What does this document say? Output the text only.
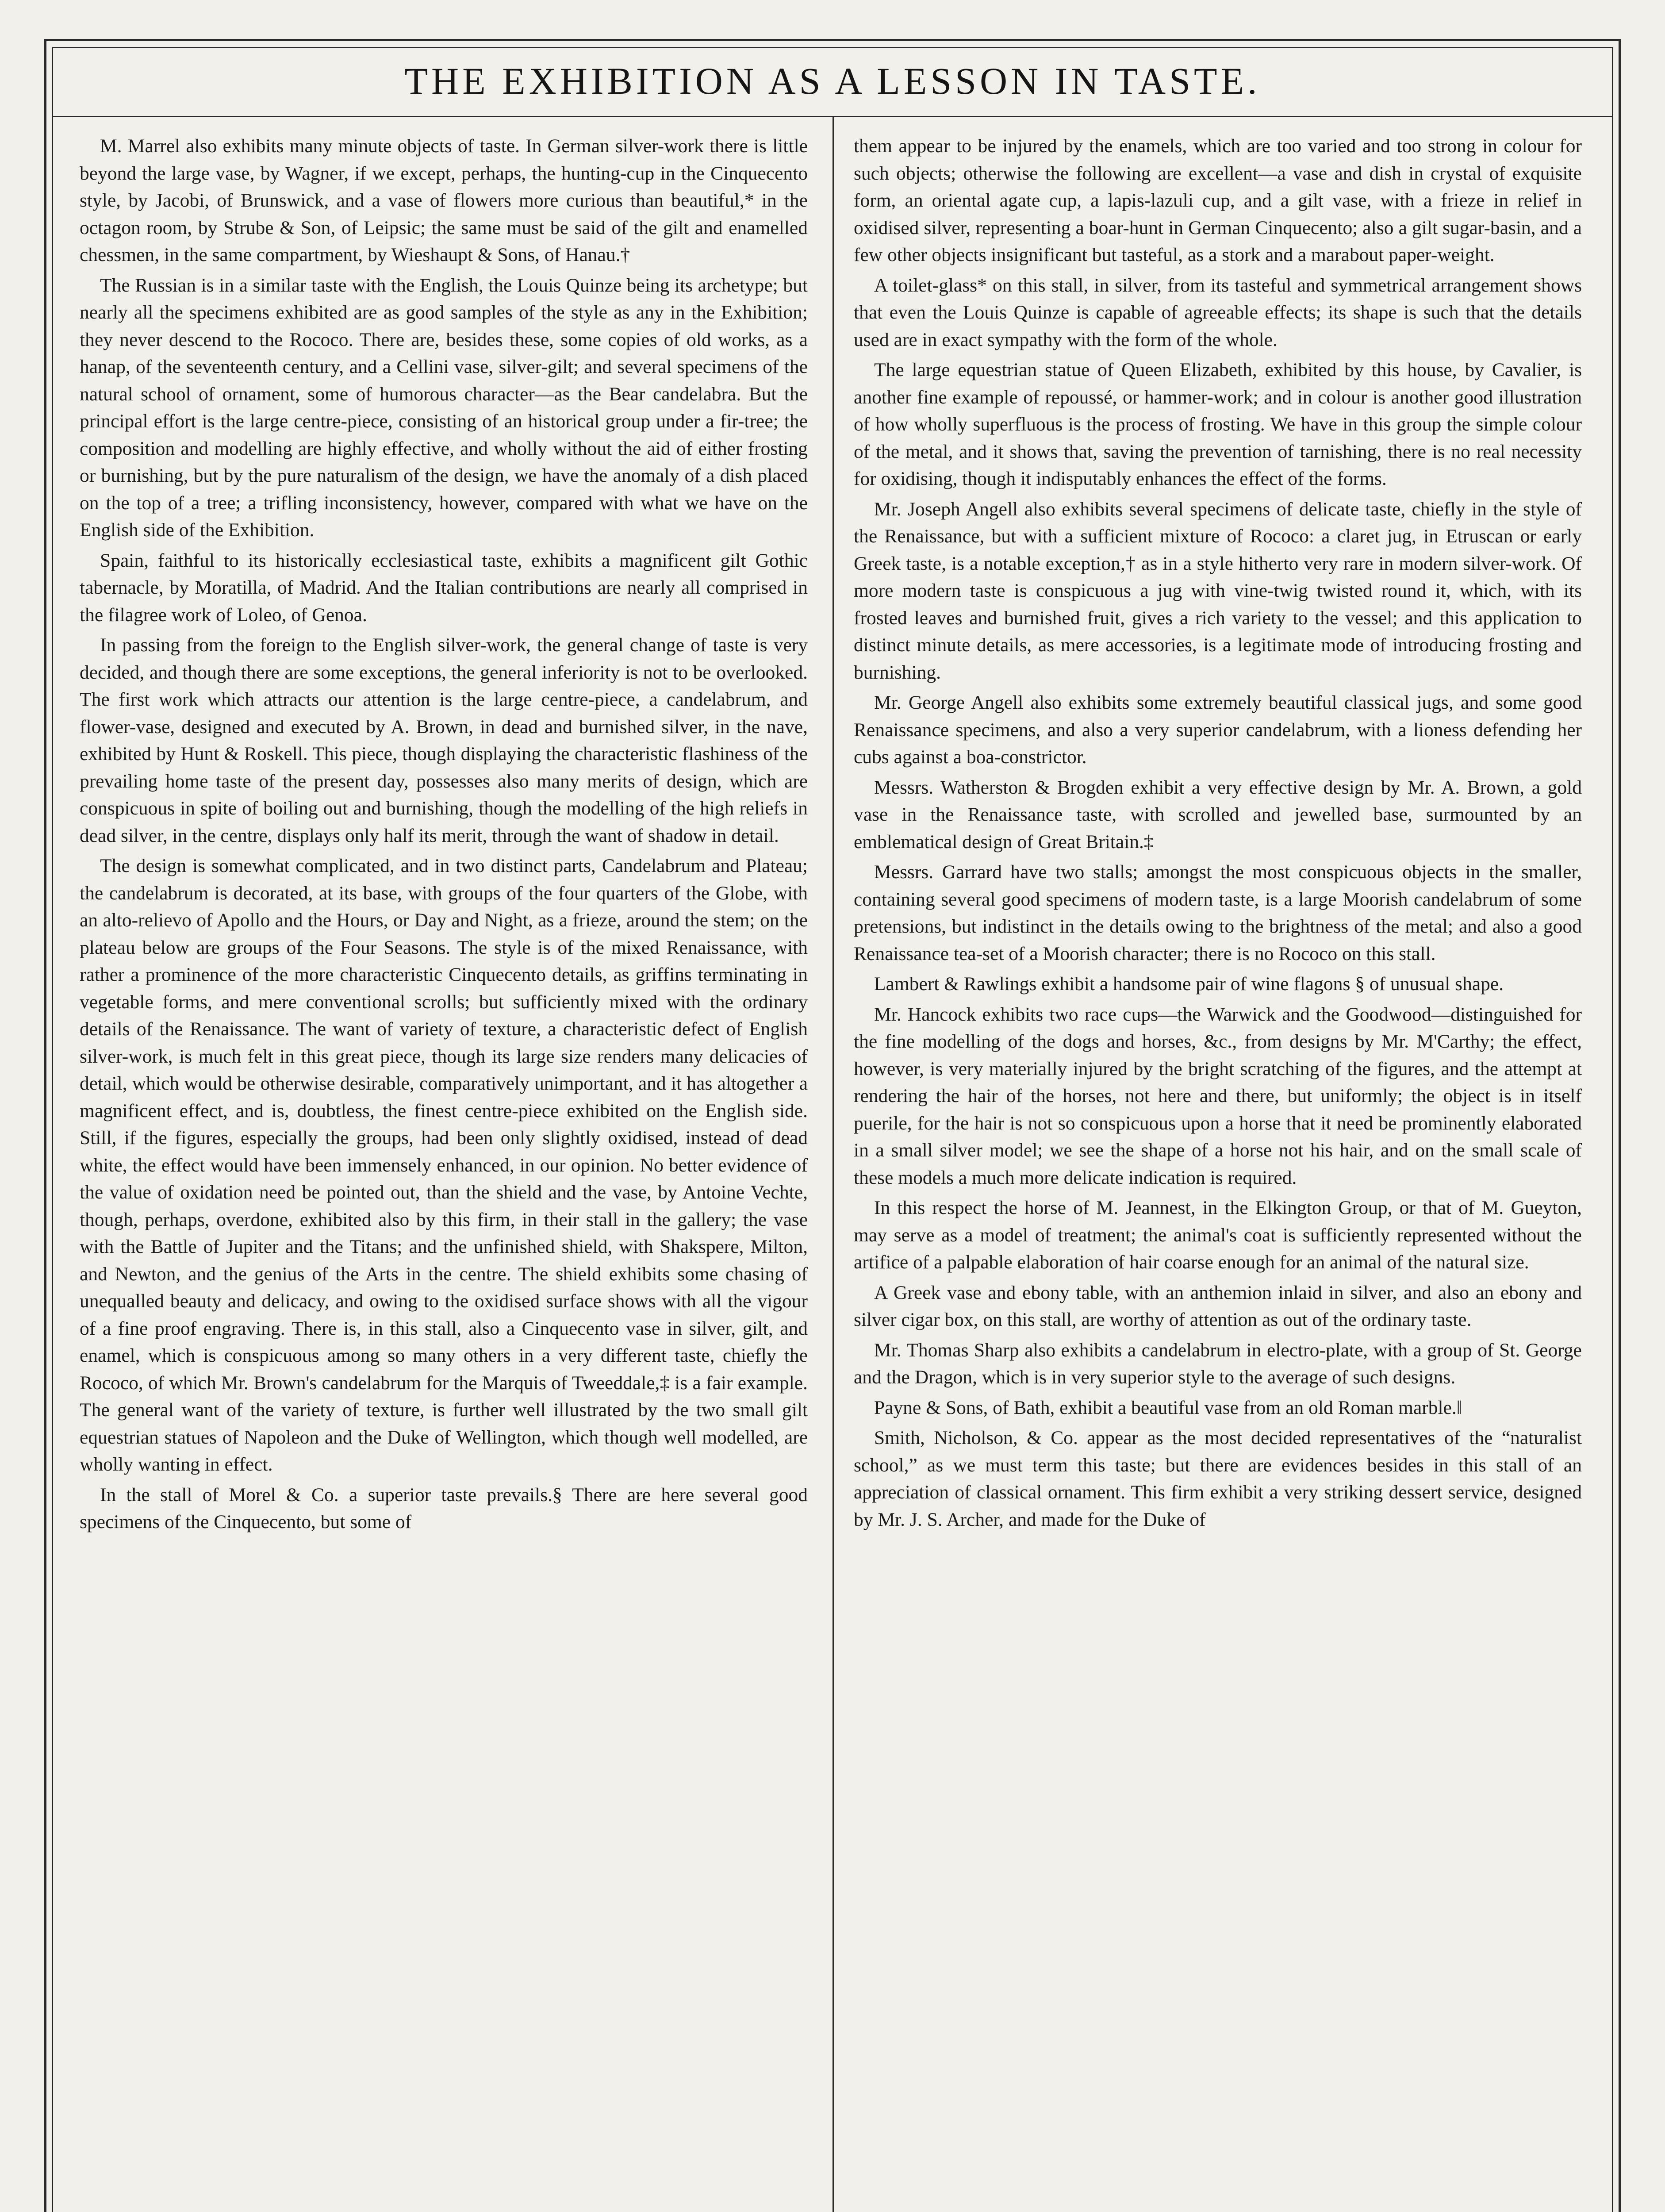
THE EXHIBITION AS A LESSON IN TASTE.

M. Marrel also exhibits many minute objects of taste. In German silver-work there is little beyond the large vase, by Wagner, if we except, perhaps, the hunting-cup in the Cinquecento style, by Jacobi, of Brunswick, and a vase of flowers more curious than beautiful,* in the octagon room, by Strube & Son, of Leipsic; the same must be said of the gilt and enamelled chessmen, in the same compartment, by Wieshaupt & Sons, of Hanau.†

The Russian is in a similar taste with the English, the Louis Quinze being its archetype; but nearly all the specimens exhibited are as good samples of the style as any in the Exhibition; they never descend to the Rococo. There are, besides these, some copies of old works, as a hanap, of the seventeenth century, and a Cellini vase, silver-gilt; and several specimens of the natural school of ornament, some of humorous character—as the Bear candelabra. But the principal effort is the large centre-piece, consisting of an historical group under a fir-tree; the composition and modelling are highly effective, and wholly without the aid of either frosting or burnishing, but by the pure naturalism of the design, we have the anomaly of a dish placed on the top of a tree; a trifling inconsistency, however, compared with what we have on the English side of the Exhibition.

Spain, faithful to its historically ecclesiastical taste, exhibits a magnificent gilt Gothic tabernacle, by Moratilla, of Madrid. And the Italian contributions are nearly all comprised in the filagree work of Loleo, of Genoa.

In passing from the foreign to the English silver-work, the general change of taste is very decided, and though there are some exceptions, the general inferiority is not to be overlooked. The first work which attracts our attention is the large centre-piece, a candelabrum, and flower-vase, designed and executed by A. Brown, in dead and burnished silver, in the nave, exhibited by Hunt & Roskell. This piece, though displaying the characteristic flashiness of the prevailing home taste of the present day, possesses also many merits of design, which are conspicuous in spite of boiling out and burnishing, though the modelling of the high reliefs in dead silver, in the centre, displays only half its merit, through the want of shadow in detail.

The design is somewhat complicated, and in two distinct parts, Candelabrum and Plateau; the candelabrum is decorated, at its base, with groups of the four quarters of the Globe, with an alto-relievo of Apollo and the Hours, or Day and Night, as a frieze, around the stem; on the plateau below are groups of the Four Seasons. The style is of the mixed Renaissance, with rather a prominence of the more characteristic Cinquecento details, as griffins terminating in vegetable forms, and mere conventional scrolls; but sufficiently mixed with the ordinary details of the Renaissance. The want of variety of texture, a characteristic defect of English silver-work, is much felt in this great piece, though its large size renders many delicacies of detail, which would be otherwise desirable, comparatively unimportant, and it has altogether a magnificent effect, and is, doubtless, the finest centre-piece exhibited on the English side. Still, if the figures, especially the groups, had been only slightly oxidised, instead of dead white, the effect would have been immensely enhanced, in our opinion. No better evidence of the value of oxidation need be pointed out, than the shield and the vase, by Antoine Vechte, though, perhaps, overdone, exhibited also by this firm, in their stall in the gallery; the vase with the Battle of Jupiter and the Titans; and the unfinished shield, with Shakspere, Milton, and Newton, and the genius of the Arts in the centre. The shield exhibits some chasing of unequalled beauty and delicacy, and owing to the oxidised surface shows with all the vigour of a fine proof engraving. There is, in this stall, also a Cinquecento vase in silver, gilt, and enamel, which is conspicuous among so many others in a very different taste, chiefly the Rococo, of which Mr. Brown's candelabrum for the Marquis of Tweeddale,‡ is a fair example. The general want of the variety of texture, is further well illustrated by the two small gilt equestrian statues of Napoleon and the Duke of Wellington, which though well modelled, are wholly wanting in effect.

In the stall of Morel & Co. a superior taste prevails.§ There are here several good specimens of the Cinquecento, but some of

them appear to be injured by the enamels, which are too varied and too strong in colour for such objects; otherwise the following are excellent—a vase and dish in crystal of exquisite form, an oriental agate cup, a lapis-lazuli cup, and a gilt vase, with a frieze in relief in oxidised silver, representing a boar-hunt in German Cinquecento; also a gilt sugar-basin, and a few other objects insignificant but tasteful, as a stork and a marabout paper-weight.

A toilet-glass* on this stall, in silver, from its tasteful and symmetrical arrangement shows that even the Louis Quinze is capable of agreeable effects; its shape is such that the details used are in exact sympathy with the form of the whole.

The large equestrian statue of Queen Elizabeth, exhibited by this house, by Cavalier, is another fine example of repoussé, or hammer-work; and in colour is another good illustration of how wholly superfluous is the process of frosting. We have in this group the simple colour of the metal, and it shows that, saving the prevention of tarnishing, there is no real necessity for oxidising, though it indisputably enhances the effect of the forms.

Mr. Joseph Angell also exhibits several specimens of delicate taste, chiefly in the style of the Renaissance, but with a sufficient mixture of Rococo: a claret jug, in Etruscan or early Greek taste, is a notable exception,† as in a style hitherto very rare in modern silver-work. Of more modern taste is conspicuous a jug with vine-twig twisted round it, which, with its frosted leaves and burnished fruit, gives a rich variety to the vessel; and this application to distinct minute details, as mere accessories, is a legitimate mode of introducing frosting and burnishing.

Mr. George Angell also exhibits some extremely beautiful classical jugs, and some good Renaissance specimens, and also a very superior candelabrum, with a lioness defending her cubs against a boa-constrictor.

Messrs. Watherston & Brogden exhibit a very effective design by Mr. A. Brown, a gold vase in the Renaissance taste, with scrolled and jewelled base, surmounted by an emblematical design of Great Britain.‡

Messrs. Garrard have two stalls; amongst the most conspicuous objects in the smaller, containing several good specimens of modern taste, is a large Moorish candelabrum of some pretensions, but indistinct in the details owing to the brightness of the metal; and also a good Renaissance tea-set of a Moorish character; there is no Rococo on this stall.

Lambert & Rawlings exhibit a handsome pair of wine flagons § of unusual shape.

Mr. Hancock exhibits two race cups—the Warwick and the Goodwood—distinguished for the fine modelling of the dogs and horses, &c., from designs by Mr. M'Carthy; the effect, however, is very materially injured by the bright scratching of the figures, and the attempt at rendering the hair of the horses, not here and there, but uniformly; the object is in itself puerile, for the hair is not so conspicuous upon a horse that it need be prominently elaborated in a small silver model; we see the shape of a horse not his hair, and on the small scale of these models a much more delicate indication is required.

In this respect the horse of M. Jeannest, in the Elkington Group, or that of M. Gueyton, may serve as a model of treatment; the animal's coat is sufficiently represented without the artifice of a palpable elaboration of hair coarse enough for an animal of the natural size.

A Greek vase and ebony table, with an anthemion inlaid in silver, and also an ebony and silver cigar box, on this stall, are worthy of attention as out of the ordinary taste.

Mr. Thomas Sharp also exhibits a candelabrum in electro-plate, with a group of St. George and the Dragon, which is in very superior style to the average of such designs.

Payne & Sons, of Bath, exhibit a beautiful vase from an old Roman marble.‖

Smith, Nicholson, & Co. appear as the most decided representatives of the “naturalist school,” as we must term this taste; but there are evidences besides in this stall of an appreciation of classical ornament. This firm exhibit a very striking dessert service, designed by Mr. J. S. Archer, and made for the Duke of
